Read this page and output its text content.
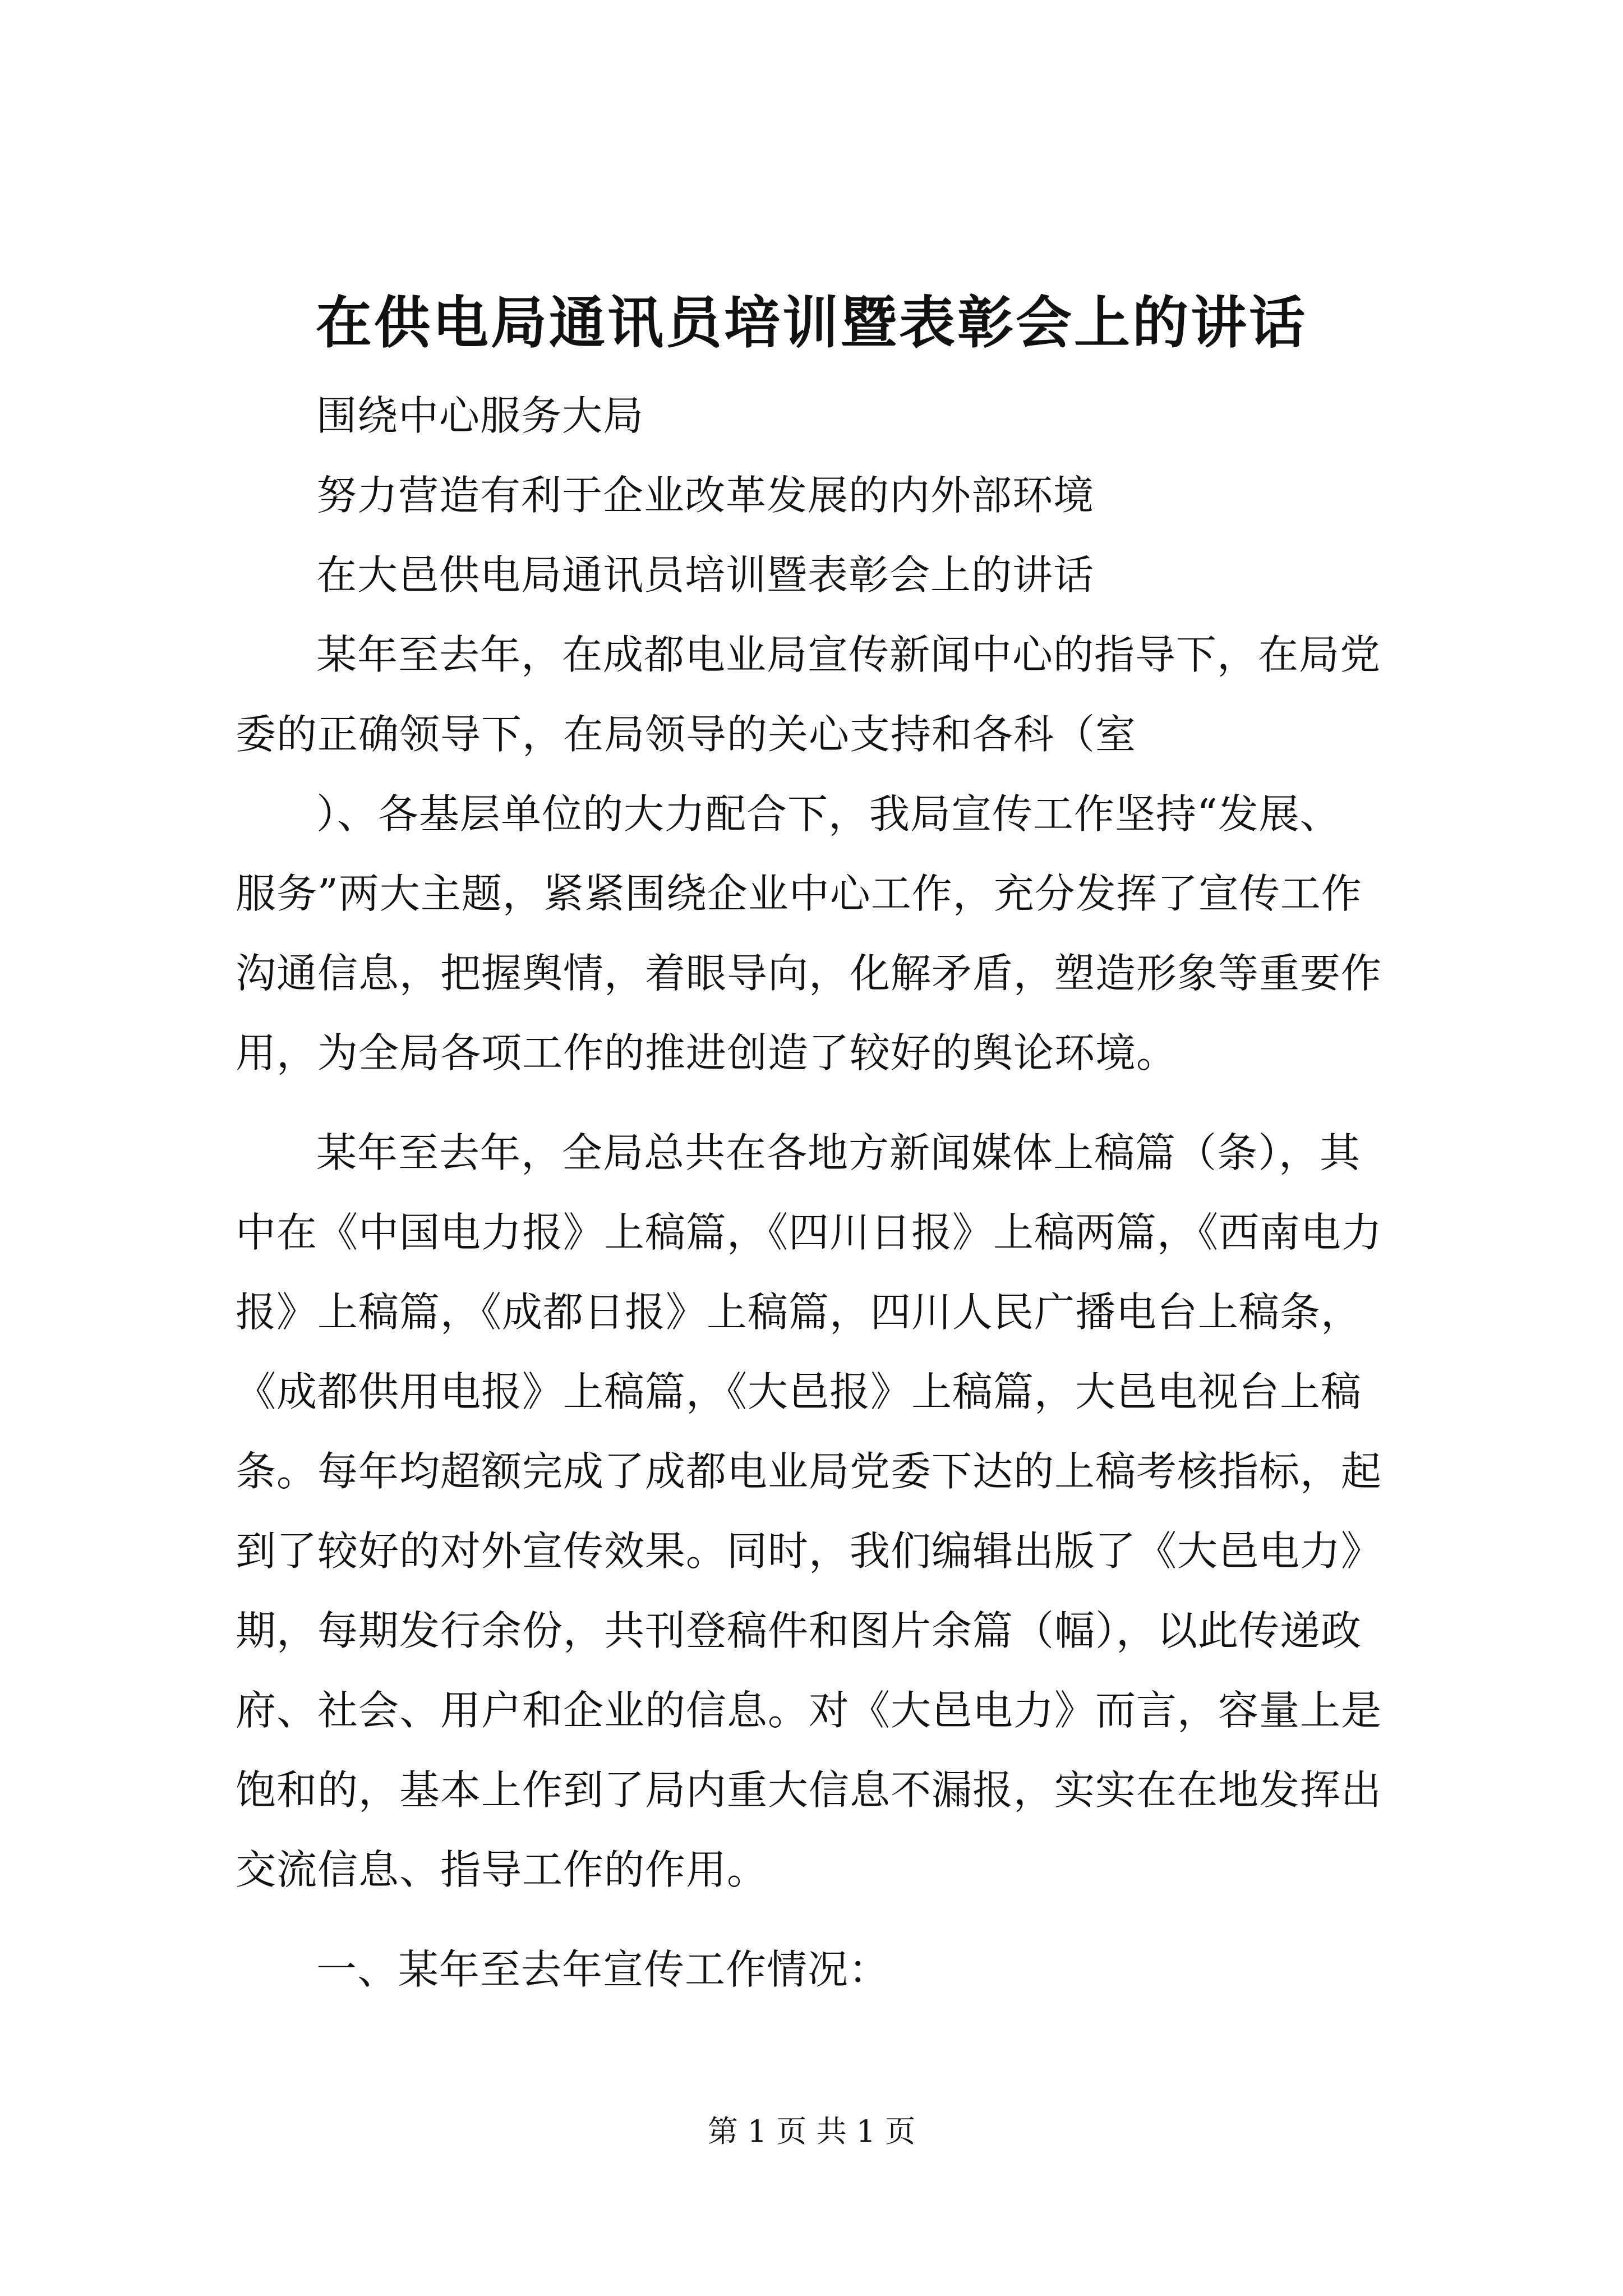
在供电局通讯员培训暨表彰会上的讲话

围绕中心服务大局

努力营造有利于企业改革发展的内外部环境

在大邑供电局通讯员培训暨表彰会上的讲话

某年至去年，在成都电业局宣传新闻中心的指导下，在局党

委的正确领导下，在局领导的关心支持和各科（室

）、各基层单位的大力配合下，我局宣传工作坚持“发展、

服务”两大主题，紧紧围绕企业中心工作，充分发挥了宣传工作

沟通信息，把握舆情，着眼导向，化解矛盾，塑造形象等重要作

用，为全局各项工作的推进创造了较好的舆论环境。

某年至去年，全局总共在各地方新闻媒体上稿篇（条），其

中在《中国电力报》上稿篇，《四川日报》上稿两篇，《西南电力

报》上稿篇，《成都日报》上稿篇，四川人民广播电台上稿条，

《成都供用电报》上稿篇，《大邑报》上稿篇，大邑电视台上稿

条。每年均超额完成了成都电业局党委下达的上稿考核指标，起

到了较好的对外宣传效果。同时，我们编辑出版了《大邑电力》

期，每期发行余份，共刊登稿件和图片余篇（幅），以此传递政

府、社会、用户和企业的信息。对《大邑电力》而言，容量上是

饱和的，基本上作到了局内重大信息不漏报，实实在在地发挥出

交流信息、指导工作的作用。

一、某年至去年宣传工作情况：

第 1 页 共 1 页
